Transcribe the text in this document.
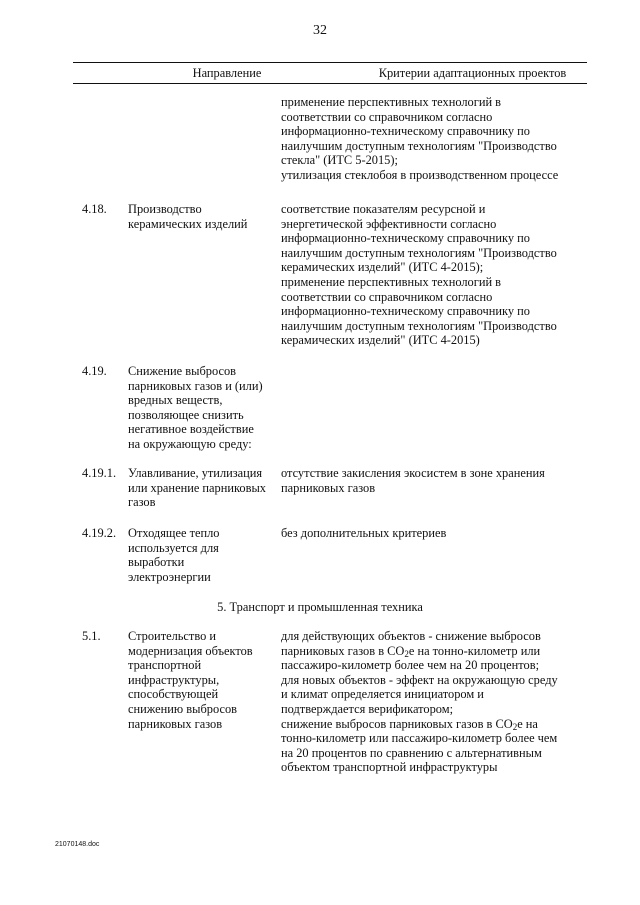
32
Направление	Критерии адаптационных проектов
применение перспективных технологий в
соответствии со справочником согласно
информационно-техническому справочнику по
наилучшим доступным технологиям "Производство
стекла" (ИТС 5-2015);
утилизация стеклобоя в производственном процессе
4.18. Производство
керамических изделий
соответствие показателям ресурсной и
энергетической эффективности согласно
информационно-техническому справочнику по
наилучшим доступным технологиям "Производство
керамических изделий" (ИТС 4-2015);
применение перспективных технологий в
соответствии со справочником согласно
информационно-техническому справочнику по
наилучшим доступным технологиям "Производство
керамических изделий" (ИТС 4-2015)
4.19. Снижение выбросов
парниковых газов и (или)
вредных веществ,
позволяющее снизить
негативное воздействие
на окружающую среду:
4.19.1. Улавливание, утилизация
или хранение парниковых
газов
отсутствие закисления экосистем в зоне хранения
парниковых газов
4.19.2. Отходящее тепло
используется для
выработки
электроэнергии
без дополнительных критериев
5. Транспорт и промышленная техника
5.1. Строительство и
модернизация объектов
транспортной
инфраструктуры,
способствующей
снижению выбросов
парниковых газов
для действующих объектов - снижение выбросов
парниковых газов в $CO_2е$ на тонно-километр или
пассажиро-километр более чем на 20 процентов;
для новых объектов - эффект на окружающую среду
и климат определяется инициатором и
подтверждается верификатором;
снижение выбросов парниковых газов в $CO_2е$ на
тонно-километр или пассажиро-километр более чем
на 20 процентов по сравнению с альтернативным
объектом транспортной инфраструктуры
21070148.doc
